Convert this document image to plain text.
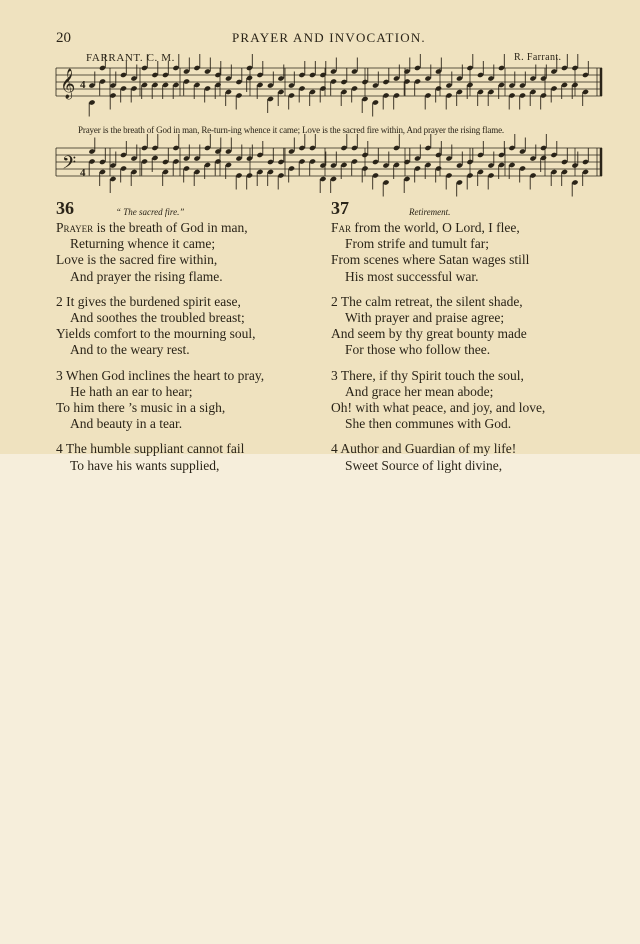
20	PRAYER AND INVOCATION.
FARRANT. C. M.	R. Farrant.
𝄞
𝄢
4
4
Prayer is the breath of God in man, Re-turn-ing whence it came; Love is the sacred fire within, And prayer the rising flame.
36	“ The sacred fire.”
Prayer is the breath of God in man,
Returning whence it came;
Love is the sacred fire within,
And prayer the rising flame.
2 It gives the burdened spirit ease,
And soothes the troubled breast;
Yields comfort to the mourning soul,
And to the weary rest.
3 When God inclines the heart to pray,
He hath an ear to hear;
To him there ’s music in a sigh,
And beauty in a tear.
4 The humble suppliant cannot fail
To have his wants supplied,
37	Retirement.
Far from the world, O Lord, I flee,
From strife and tumult far;
From scenes where Satan wages still
His most successful war.
2 The calm retreat, the silent shade,
With prayer and praise agree;
And seem by thy great bounty made
For those who follow thee.
3 There, if thy Spirit touch the soul,
And grace her mean abode;
Oh! with what peace, and joy, and love,
She then communes with God.
4 Author and Guardian of my life!
Sweet Source of light divine,
